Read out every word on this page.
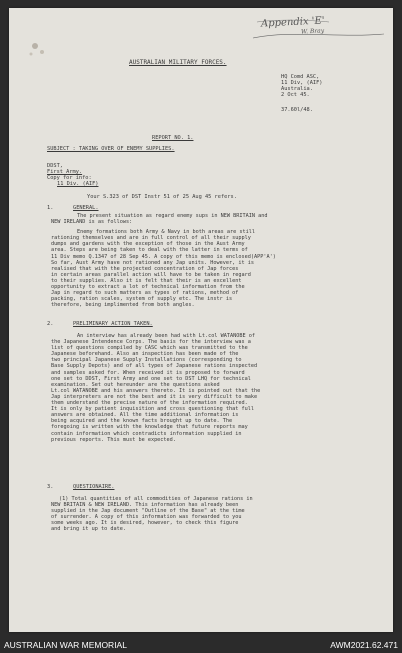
Appendix 'E'
W. Bray
AUSTRALIAN MILITARY FORCES.
HQ Comd ASC,
11 Div, (AIF)
Australia.
2 Oct 45.
37.60l/48.
REPORT NO. 1.
SUBJECT : TAKING OVER OF ENEMY SUPPLIES.
DDST,
First Army.
Copy for info:
11 Div. (AIF)
Your S.323 of DST Instr 51 of 25 Aug 45 refers.
1.	GENERAL.
The present situation as regard enemy sups in NEW BRITAIN and
NEW IRELAND is as follows:
Enemy formations both Army & Navy in both areas are still
rationing themselves and are in full control of all their supply
dumps and gardens with the exception of those in the Aust Army
area. Steps are being taken to deal with the latter in terms of
11 Div memo Q.1347 of 28 Sep 45. A copy of this memo is enclosed(APP'A')
So far, Aust Army have not rationed any Jap units. However, it is
realised that with the projected concentration of Jap forces
in certain areas parallel action will have to be taken in regard
to their supplies. Also it is felt that their is an excellent
opportunity to extract a lot of technical information from the
Jap in regard to such matters as types of rations, method of
packing, ration scales, system of supply etc. The instr is
therefore, being implimented from both angles.
2.	PRELIMINARY ACTION TAKEN.
An interview has already been had with Lt.col WATANOBE of
the Japanese Intendence Corps. The basis for the interview was a
list of questions compiled by CASC which was transmitted to the
Japanese beforehand. Also an inspection has been made of the
two principal Japanese Supply Installations (corresponding to
Base Supply Depots) and of all types of Japanese rations inspected
and samples asked for. When received it is proposed to forward
one set to DDST, First Army and one set to DST LHQ for technical
examination. Set out hereunder are the questions asked
Lt.col WATANOBE and his answers thereto. It is pointed out that the
Jap interpreters are not the best and it is very difficult to make
them understand the precise nature of the information required.
It is only by patient inquisition and cross questioning that full
answers are obtained. All the time additional information is
being acquired and the known facts brought up to date. The
foregoing is written with the knowledge that future reports may
contain information which contradicts information supplied in
previous reports. This must be expected.
3.	QUESTIONAIRE.
(1) Total quantities of all commodities of Japanese rations in
NEW BRITAIN & NEW IRELAND. This information has already been
supplied in the Jap document "Outline of the Base" at the time
of surrender. A copy of this information was forwarded to you
some weeks ago. It is desired, however, to check this figure
and bring it up to date.
AUSTRALIAN WAR MEMORIAL	AWM2021.62.471
